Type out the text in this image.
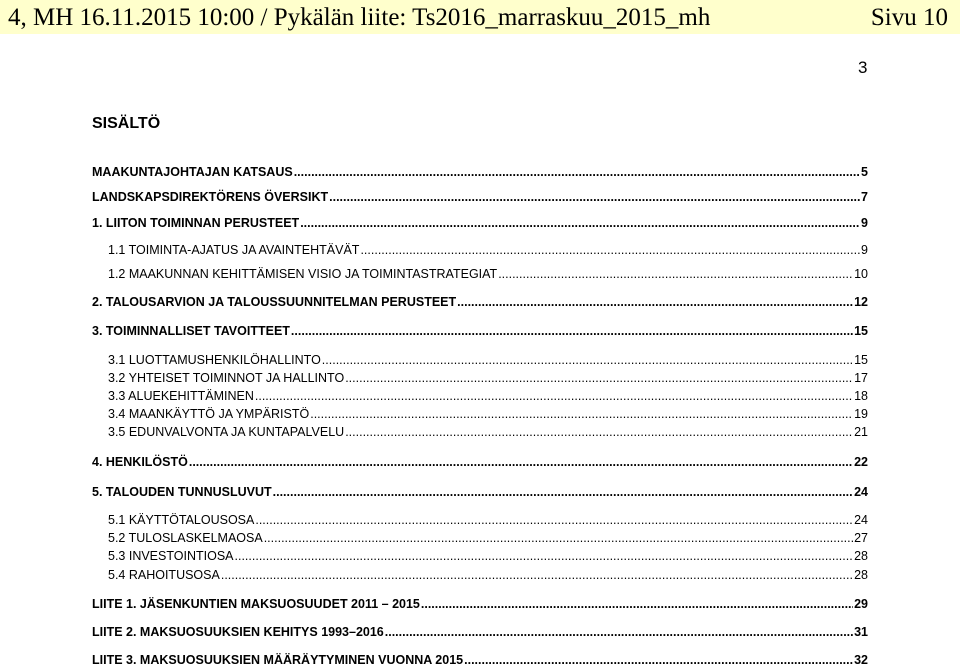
4, MH 16.11.2015 10:00 / Pykälän liite: Ts2016_marraskuu_2015_mh	Sivu 10
3
SISÄLTÖ
MAAKUNTAJOHTAJAN KATSAUS .....	5
LANDSKAPSDIREKTÖRENS ÖVERSIKT .....	7
1. LIITON TOIMINNAN PERUSTEET .....	9
1.1 TOIMINTA-AJATUS JA AVAINTEHTÄVÄT .....	9
1.2 MAAKUNNAN KEHITTÄMISEN VISIO JA TOIMINTASTRATEGIAT .....	10
2. TALOUSARVION JA TALOUSSUUNNITELMAN PERUSTEET .....	12
3. TOIMINNALLISET TAVOITTEET .....	15
3.1 LUOTTAMUSHENKILÖHALLINTO .....	15
3.2 YHTEISET TOIMINNOT JA HALLINTO .....	17
3.3 ALUEKEHITTÄMINEN .....	18
3.4 MAANKÄYTTÖ JA YMPÄRISTÖ .....	19
3.5 EDUNVALVONTA JA KUNTAPALVELU .....	21
4. HENKILÖSTÖ .....	22
5. TALOUDEN TUNNUSLUVUT .....	24
5.1 KÄYTTÖTALOUSOSA .....	24
5.2 TULOSLASKELMAOSA .....	27
5.3 INVESTOINTIOSA .....	28
5.4 RAHOITUSOSA .....	28
LIITE 1. JÄSENKUNTIEN MAKSUOSUUDET 2011 – 2015 .....	29
LIITE 2. MAKSUOSUUKSIEN KEHITYS 1993–2016 .....	31
LIITE 3. MAKSUOSUUKSIEN MÄÄRÄYTYMINEN VUONNA 2015 .....	32
